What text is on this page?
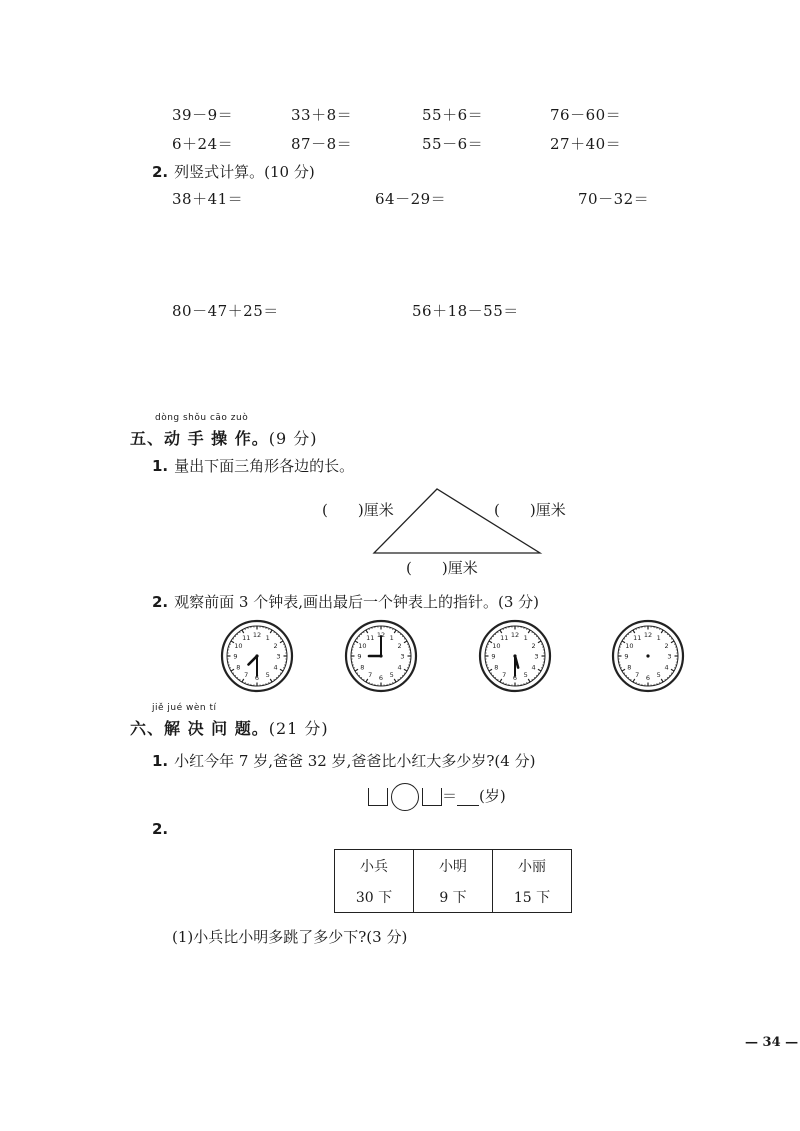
39－9＝	33＋8＝	55＋6＝	76－60＝
6＋24＝	87－8＝	55－6＝	27＋40＝
2. 列竖式计算。(10 分)
38＋41＝	64－29＝	70－32＝
80－47＋25＝	56＋18－55＝
dòng shǒu cāo zuò
五、动 手 操 作。(9 分)
1. 量出下面三角形各边的长。
(　　)厘米	(　　)厘米
(　　)厘米
2. 观察前面 3 个钟表,画出最后一个钟表上的指针。(3 分)
1
2
3
4
5
6
7
8
9
10
11 12	1
2
3
4
5
6
7
8
9
10
11 12	1
2
3
4
5
6
7
8
9
10
11 12	1
2
3
4
5
6
7
8
9
10
11 12
jiě jué wèn tí
六、解 决 问 题。(21 分)
1. 小红今年 7 岁,爸爸 32 岁,爸爸比小红大多少岁?(4 分)
＝ (岁)
2.
小兵	小明	小丽
30 下	9 下	15 下
(1)小兵比小明多跳了多少下?(3 分)
— 34 —
